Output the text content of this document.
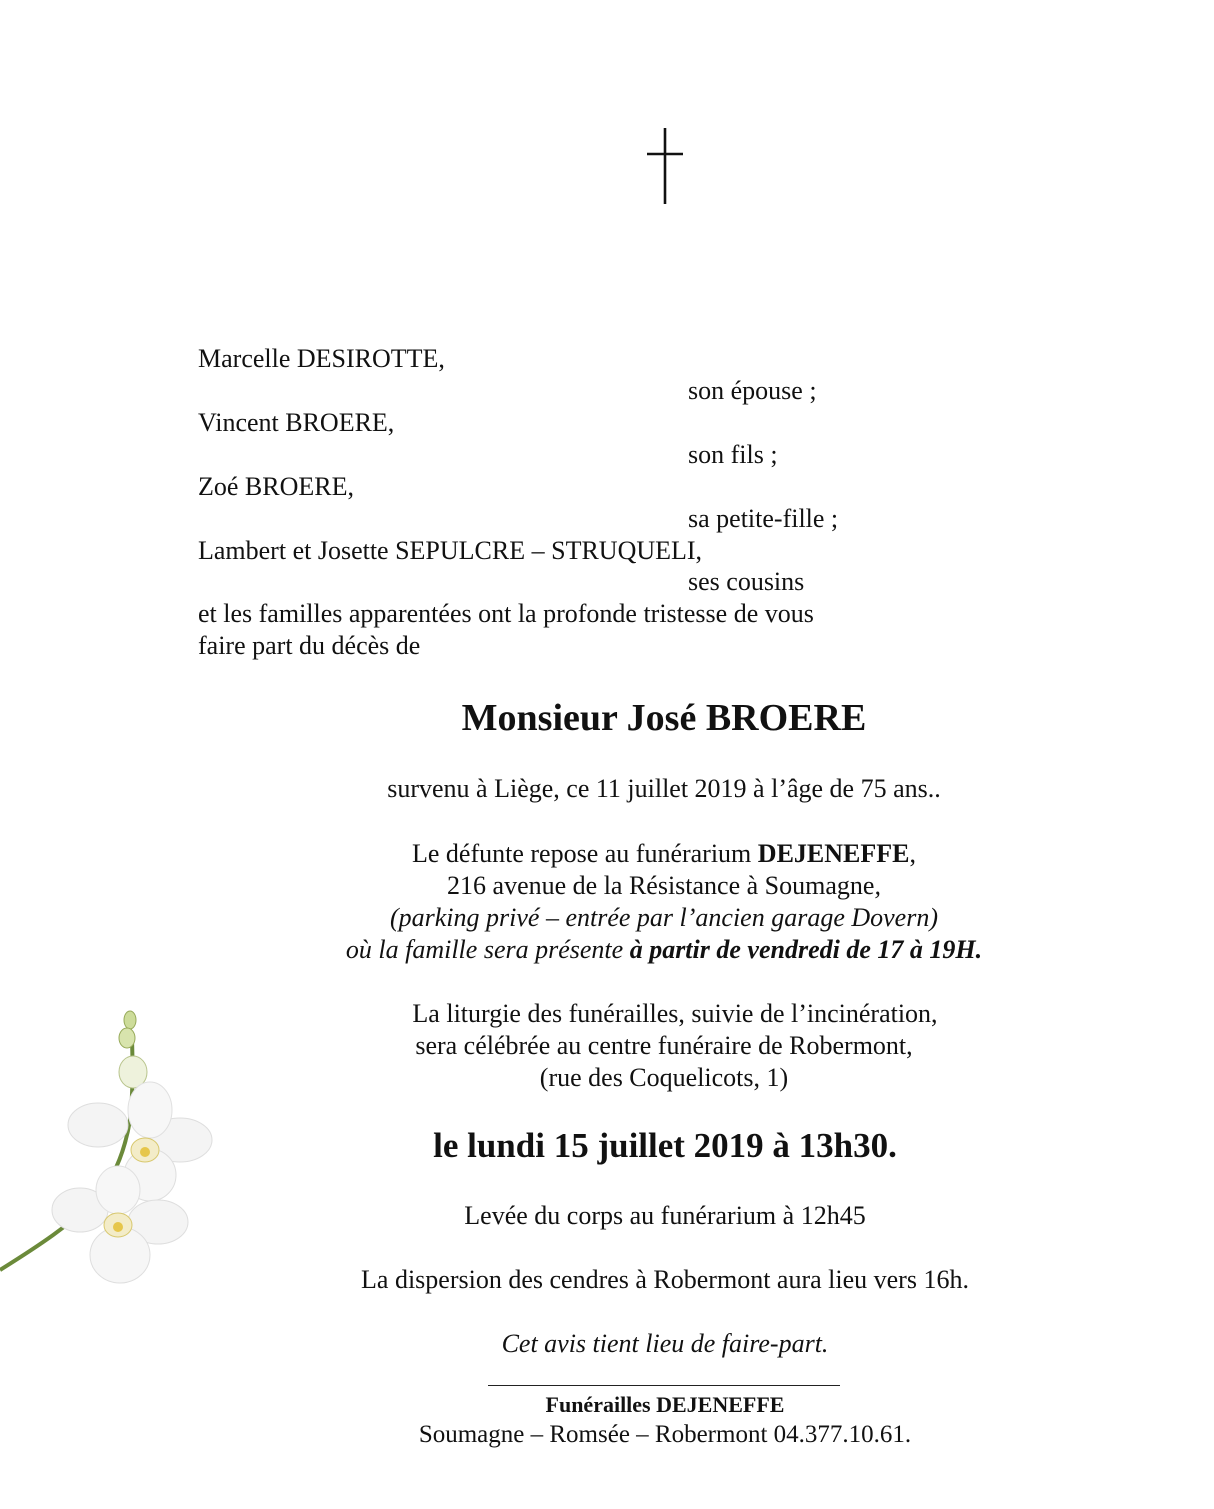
Marcelle DESIROTTE,
son épouse ;
Vincent BROERE,
son fils ;
Zoé BROERE,
sa petite-fille ;
Lambert et Josette SEPULCRE – STRUQUELI,
ses cousins
et les familles apparentées ont la profonde tristesse de vous
faire part du décès de
Monsieur José BROERE
survenu à Liège, ce 11 juillet 2019 à l’âge de 75 ans..
Le défunte repose au funérarium DEJENEFFE,
216 avenue de la Résistance à Soumagne,
(parking privé – entrée par l’ancien garage Dovern)
où la famille sera présente à partir de vendredi de 17 à 19H.
La liturgie des funérailles, suivie de l’incinération,
sera célébrée au centre funéraire de Robermont,
(rue des Coquelicots, 1)
le lundi 15 juillet 2019 à 13h30.
Levée du corps au funérarium à 12h45
La dispersion des cendres à Robermont aura lieu vers 16h.
Cet avis tient lieu de faire-part.
Funérailles DEJENEFFE
Soumagne – Romsée – Robermont 04.377.10.61.
